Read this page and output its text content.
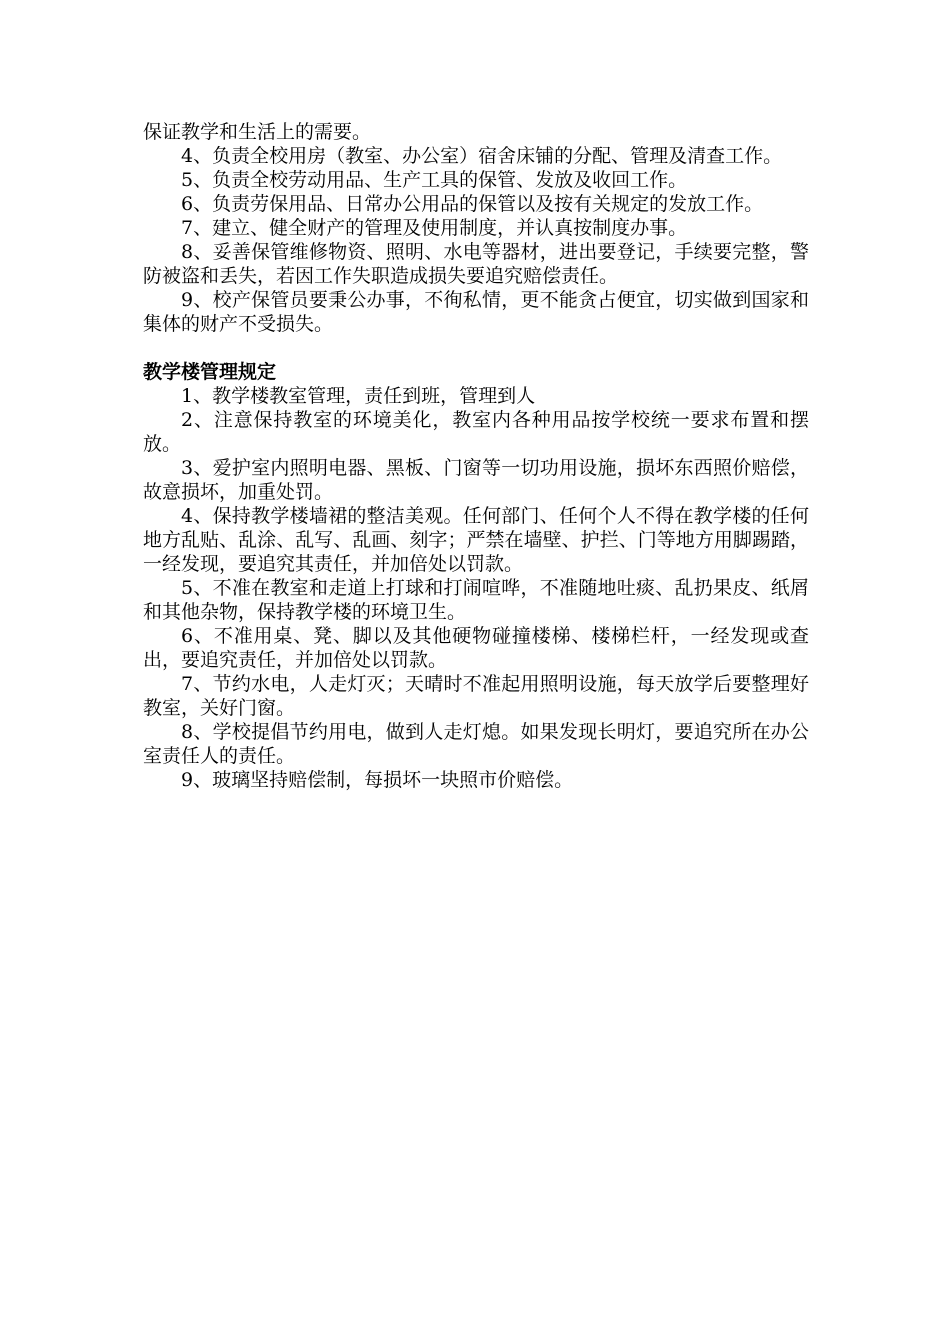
保证教学和生活上的需要。

4、负责全校用房（教室、办公室）宿舍床铺的分配、管理及清查工作。

5、负责全校劳动用品、生产工具的保管、发放及收回工作。

6、负责劳保用品、日常办公用品的保管以及按有关规定的发放工作。

7、建立、健全财产的管理及使用制度，并认真按制度办事。

8、妥善保管维修物资、照明、水电等器材，进出要登记，手续要完整，警防被盗和丢失，若因工作失职造成损失要追究赔偿责任。

9、校产保管员要秉公办事，不徇私情，更不能贪占便宜，切实做到国家和集体的财产不受损失。

教学楼管理规定

1、教学楼教室管理，责任到班，管理到人

2、注意保持教室的环境美化，教室内各种用品按学校统一要求布置和摆放。

3、爱护室内照明电器、黑板、门窗等一切功用设施，损坏东西照价赔偿，故意损坏，加重处罚。

4、保持教学楼墙裙的整洁美观。任何部门、任何个人不得在教学楼的任何地方乱贴、乱涂、乱写、乱画、刻字；严禁在墙壁、护拦、门等地方用脚踢踏，一经发现，要追究其责任，并加倍处以罚款。

5、不准在教室和走道上打球和打闹喧哗，不准随地吐痰、乱扔果皮、纸屑和其他杂物，保持教学楼的环境卫生。

6、不准用桌、凳、脚以及其他硬物碰撞楼梯、楼梯栏杆，一经发现或查出，要追究责任，并加倍处以罚款。

7、节约水电，人走灯灭；天晴时不准起用照明设施，每天放学后要整理好教室，关好门窗。

8、学校提倡节约用电，做到人走灯熄。如果发现长明灯，要追究所在办公室责任人的责任。

9、玻璃坚持赔偿制，每损坏一块照市价赔偿。
